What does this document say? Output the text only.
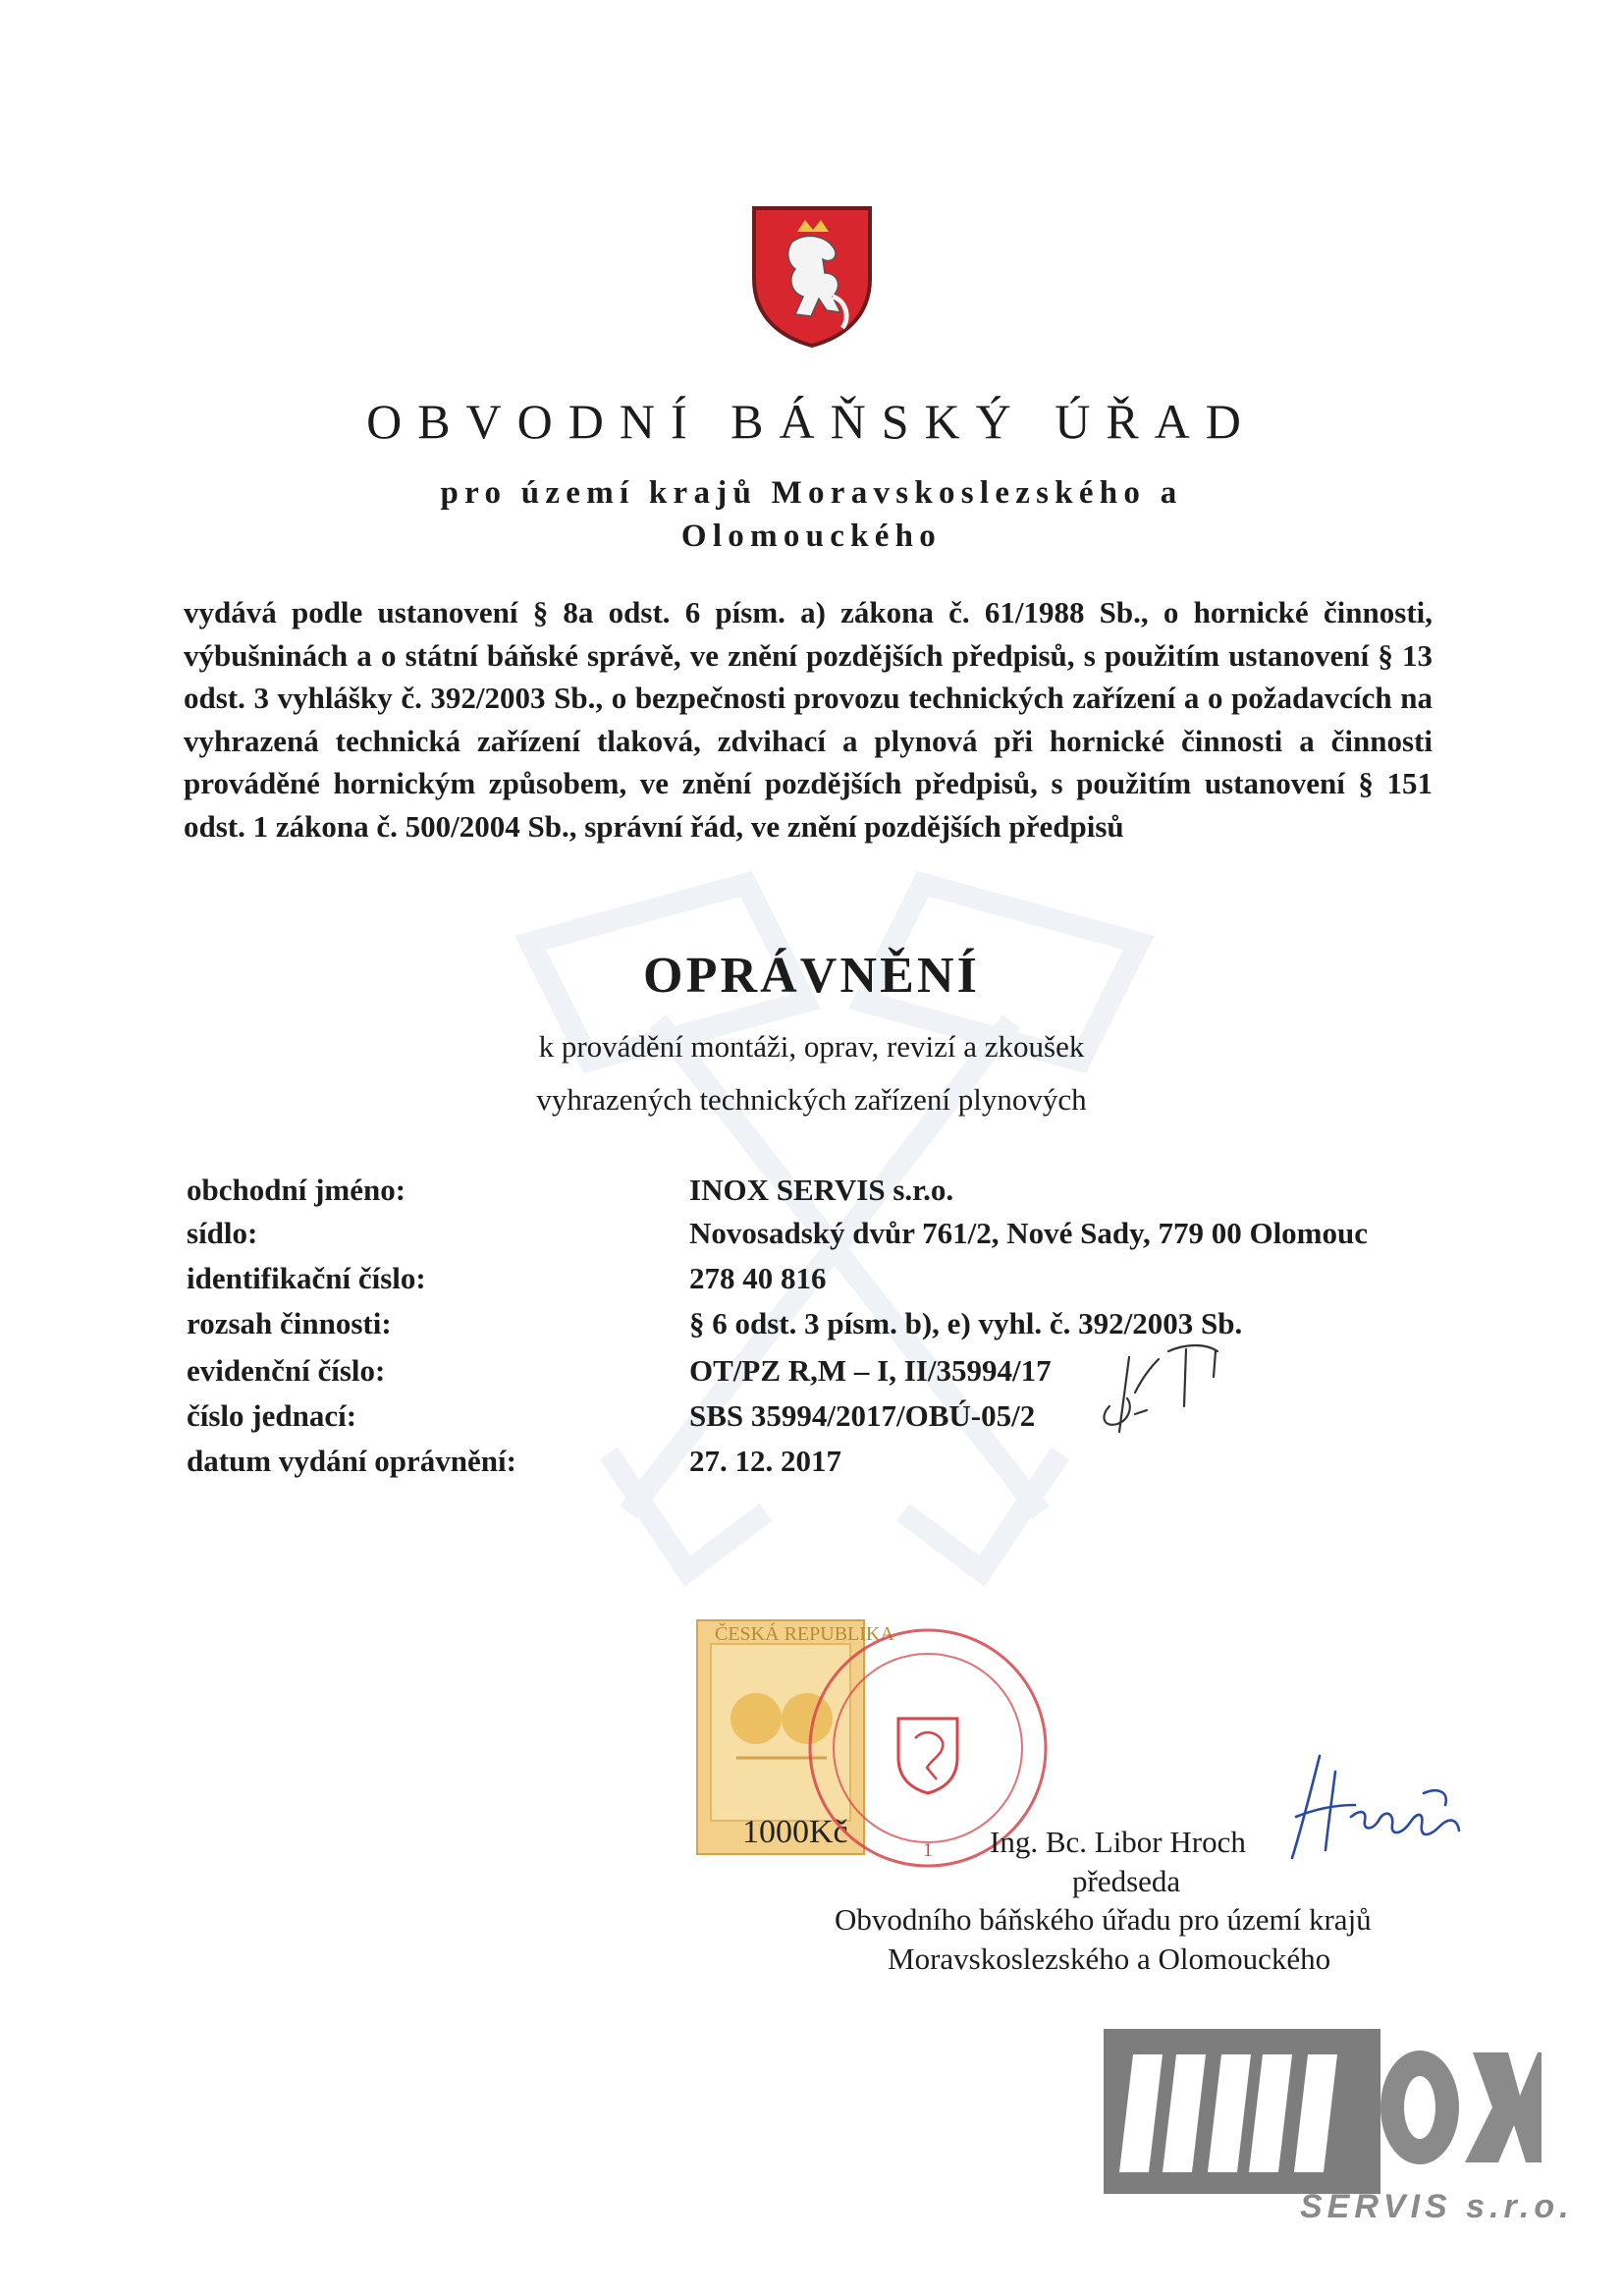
OBVODNÍ BÁŇSKÝ ÚŘAD
pro území krajů Moravskoslezského a
Olomouckého
vydává podle ustanovení § 8a odst. 6 písm. a) zákona č. 61/1988 Sb., o hornické činnosti, výbušninách a o státní báňské správě, ve znění pozdějších předpisů, s použitím ustanovení § 13 odst. 3 vyhlášky č. 392/2003 Sb., o bezpečnosti provozu technických zařízení a o požadavcích na vyhrazená technická zařízení tlaková, zdvihací a plynová při hornické činnosti a činnosti prováděné hornickým způsobem, ve znění pozdějších předpisů, s použitím ustanovení § 151 odst. 1 zákona č. 500/2004 Sb., správní řád, ve znění pozdějších předpisů
OPRÁVNĚNÍ
k provádění montáži, oprav, revizí a zkoušek
vyhrazených technických zařízení plynových
obchodní jméno:	INOX SERVIS s.r.o.
sídlo:	Novosadský dvůr 761/2, Nové Sady, 779 00 Olomouc
identifikační číslo:	278 40 816
rozsah činnosti:	§ 6 odst. 3 písm. b), e) vyhl. č. 392/2003 Sb.
evidenční číslo:	OT/PZ R,M – I, II/35994/17
číslo jednací:	SBS 35994/2017/OBÚ-05/2
datum vydání oprávnění:	27. 12. 2017
ČESKÁ REPUBLIKA
1000Kč	1 Ing. Bc. Libor Hroch
předseda
Obvodního báňského úřadu pro území krajů
Moravskoslezského a Olomouckého
SERVIS s.r.o.
